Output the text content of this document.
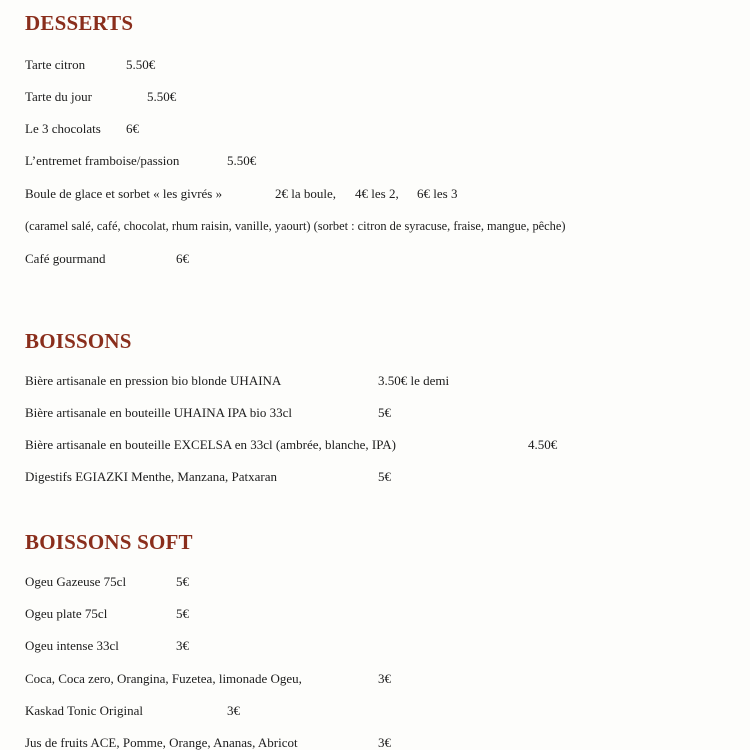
DESSERTS
Tarte citron	5.50€
Tarte du jour	5.50€
Le 3 chocolats 6€
L’entremet framboise/passion	5.50€
Boule de glace et sorbet « les givrés »	2€ la boule, 4€ les 2, 6€ les 3
(caramel salé, café, chocolat, rhum raisin, vanille, yaourt) (sorbet : citron de syracuse, fraise, mangue, pêche)
Café gourmand	6€
BOISSONS
Bière artisanale en pression bio blonde UHAINA	3.50€ le demi
Bière artisanale en bouteille UHAINA IPA bio 33cl	5€
Bière artisanale en bouteille EXCELSA en 33cl (ambrée, blanche, IPA)	4.50€
Digestifs EGIAZKI Menthe, Manzana, Patxaran	5€
BOISSONS SOFT
Ogeu Gazeuse 75cl	5€
Ogeu plate 75cl	5€
Ogeu intense 33cl	3€
Coca, Coca zero, Orangina, Fuzetea, limonade Ogeu,	3€
Kaskad Tonic Original	3€
Jus de fruits ACE, Pomme, Orange, Ananas, Abricot	3€
